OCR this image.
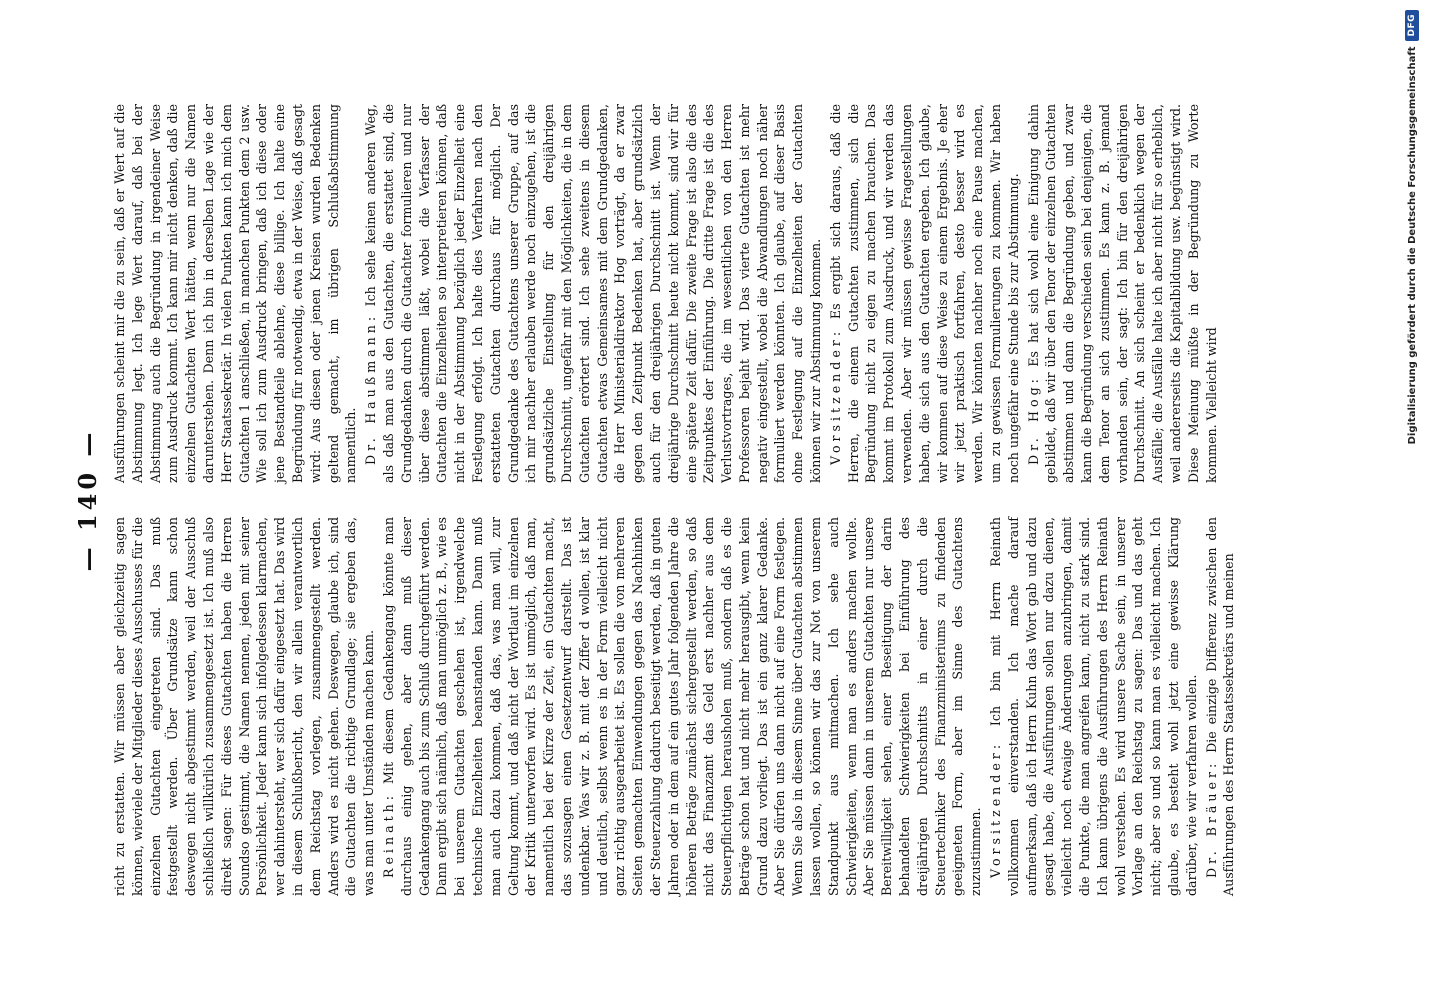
— 140 —

richt zu erstatten. Wir müssen aber gleichzeitig sagen können, wieviele der Mitglieder dieses Ausschusses für die einzelnen Gutachten eingetreten sind. Das muß festgestellt werden. Über Grundsätze kann schon deswegen nicht abgestimmt werden, weil der Ausschuß schließlich willkürlich zusammengesetzt ist. Ich muß also direkt sagen: Für dieses Gutachten haben die Herren Soundso gestimmt, die Namen nennen, jeden mit seiner Persönlichkeit. Jeder kann sich infolgedessen klarmachen, wer dahintersteht, wer sich dafür eingesetzt hat. Das wird in diesem Schlußbericht, den wir allein verantwortlich dem Reichstag vorlegen, zusammengestellt werden. Anders wird es nicht gehen. Deswegen, glaube ich, sind die Gutachten die richtige Grundlage; sie ergeben das, was man unter Umständen machen kann. Reinath: Mit diesem Gedankengang könnte man durchaus einig gehen, aber dann muß dieser Gedankengang auch bis zum Schluß durchgeführt werden. Dann ergibt sich nämlich, daß man unmöglich z. B., wie es bei unserem Gutachten geschehen ist, irgendwelche technische Einzelheiten beanstanden kann. Dann muß man auch dazu kommen, daß das, was man will, zur Geltung kommt, und daß nicht der Wortlaut im einzelnen der Kritik unterworfen wird. Es ist unmöglich, daß man, namentlich bei der Kürze der Zeit, ein Gutachten macht, das sozusagen einen Gesetzentwurf darstellt. Das ist undenkbar. Was wir z. B. mit der Ziffer d wollen, ist klar und deutlich, selbst wenn es in der Form vielleicht nicht ganz richtig ausgearbeitet ist. Es sollen die von mehreren Seiten gemachten Einwendungen gegen das Nachhinken der Steuerzahlung dadurch beseitigt werden, daß in guten Jahren oder in dem auf ein gutes Jahr folgenden Jahre die höheren Beträge zunächst sichergestellt werden, so daß nicht das Finanzamt das Geld erst nachher aus dem Steuerpflichtigen herausholen muß, sondern daß es die Beträge schon hat und nicht mehr herausgibt, wenn kein Grund dazu vorliegt. Das ist ein ganz klarer Gedanke. Aber Sie dürfen uns dann nicht auf eine Form festlegen. Wenn Sie also in diesem Sinne über Gutachten abstimmen lassen wollen, so können wir das zur Not von unserem Standpunkt aus mitmachen. Ich sehe auch Schwierigkeiten, wenn man es anders machen wollte. Aber Sie müssen dann in unserem Gutachten nur unsere Bereitwilligkeit sehen, einer Beseitigung der darin behandelten Schwierigkeiten bei Einführung des dreijährigen Durchschnitts in einer durch die Steuertechniker des Finanzministeriums zu findenden geeigneten Form, aber im Sinne des Gutachtens zuzustimmen. Vorsitzender: Ich bin mit Herrn Reinath vollkommen einverstanden. Ich mache darauf aufmerksam, daß ich Herrn Kuhn das Wort gab und dazu gesagt habe, die Ausführungen sollen nur dazu dienen, vielleicht noch etwaige Änderungen anzubringen, damit die Punkte, die man angreifen kann, nicht zu stark sind. Ich kann übrigens die Ausführungen des Herrn Reinath wohl verstehen. Es wird unsere Sache sein, in unserer Vorlage an den Reichstag zu sagen: Das und das geht nicht; aber so und so kann man es vielleicht machen. Ich glaube, es besteht wohl jetzt eine gewisse Klärung darüber, wie wir verfahren wollen. Dr. Bräuer: Die einzige Differenz zwischen den Ausführungen des Herrn Staatssekretärs und meinen

Ausführungen scheint mir die zu sein, daß er Wert auf die Abstimmung legt. Ich lege Wert darauf, daß bei der Abstimmung auch die Begründung in irgendeiner Weise zum Ausdruck kommt. Ich kann mir nicht denken, daß die einzelnen Gutachten Wert hätten, wenn nur die Namen darunterstehen. Denn ich bin in derselben Lage wie der Herr Staatssekretär. In vielen Punkten kann ich mich dem Gutachten 1 anschließen, in manchen Punkten dem 2 usw. Wie soll ich zum Ausdruck bringen, daß ich diese oder jene Bestandteile ablehne, diese billige. Ich halte eine Begründung für notwendig, etwa in der Weise, daß gesagt wird: Aus diesen oder jenen Kreisen wurden Bedenken geltend gemacht, im übrigen Schlußabstimmung namentlich. Dr. Haußmann: Ich sehe keinen anderen Weg, als daß man aus den Gutachten, die erstattet sind, die Grundgedanken durch die Gutachter formulieren und nur über diese abstimmen läßt, wobei die Verfasser der Gutachten die Einzelheiten so interpretieren können, daß nicht in der Abstimmung bezüglich jeder Einzelheit eine Festlegung erfolgt. Ich halte dies Verfahren nach den erstatteten Gutachten durchaus für möglich. Der Grundgedanke des Gutachtens unserer Gruppe, auf das ich mir nachher erlauben werde noch einzugehen, ist die grundsätzliche Einstellung für den dreijährigen Durchschnitt, ungefähr mit den Möglichkeiten, die in dem Gutachten erörtert sind. Ich sehe zweitens in diesem Gutachten etwas Gemeinsames mit dem Grundgedanken, die Herr Ministerialdirektor Hog vorträgt, da er zwar gegen den Zeitpunkt Bedenken hat, aber grundsätzlich auch für den dreijährigen Durchschnitt ist. Wenn der dreijährige Durchschnitt heute nicht kommt, sind wir für eine spätere Zeit dafür. Die zweite Frage ist also die des Zeitpunktes der Einführung. Die dritte Frage ist die des Verlustvortrages, die im wesentlichen von den Herren Professoren bejaht wird. Das vierte Gutachten ist mehr negativ eingestellt, wobei die Abwandlungen noch näher formuliert werden könnten. Ich glaube, auf dieser Basis ohne Festlegung auf die Einzelheiten der Gutachten können wir zur Abstimmung kommen. Vorsitzender: Es ergibt sich daraus, daß die Herren, die einem Gutachten zustimmen, sich die Begründung nicht zu eigen zu machen brauchen. Das kommt im Protokoll zum Ausdruck, und wir werden das verwenden. Aber wir müssen gewisse Fragestellungen haben, die sich aus den Gutachten ergeben. Ich glaube, wir kommen auf diese Weise zu einem Ergebnis. Je eher wir jetzt praktisch fortfahren, desto besser wird es werden. Wir könnten nachher noch eine Pause machen, um zu gewissen Formulierungen zu kommen. Wir haben noch ungefähr eine Stunde bis zur Abstimmung. Dr. Hog: Es hat sich wohl eine Einigung dahin gebildet, daß wir über den Tenor der einzelnen Gutachten abstimmen und dann die Begründung geben, und zwar kann die Begründung verschieden sein bei denjenigen, die dem Tenor an sich zustimmen. Es kann z. B. jemand vorhanden sein, der sagt: Ich bin für den dreijährigen Durchschnitt. An sich scheint er bedenklich wegen der Ausfälle; die Ausfälle halte ich aber nicht für so erheblich, weil andererseits die Kapitalbildung usw. begünstigt wird. Diese Meinung müßte in der Begründung zu Worte kommen. Vielleicht wird	Digitalisierung gefördert durch die Deutsche Forschungsgemeinschaft
DFG
